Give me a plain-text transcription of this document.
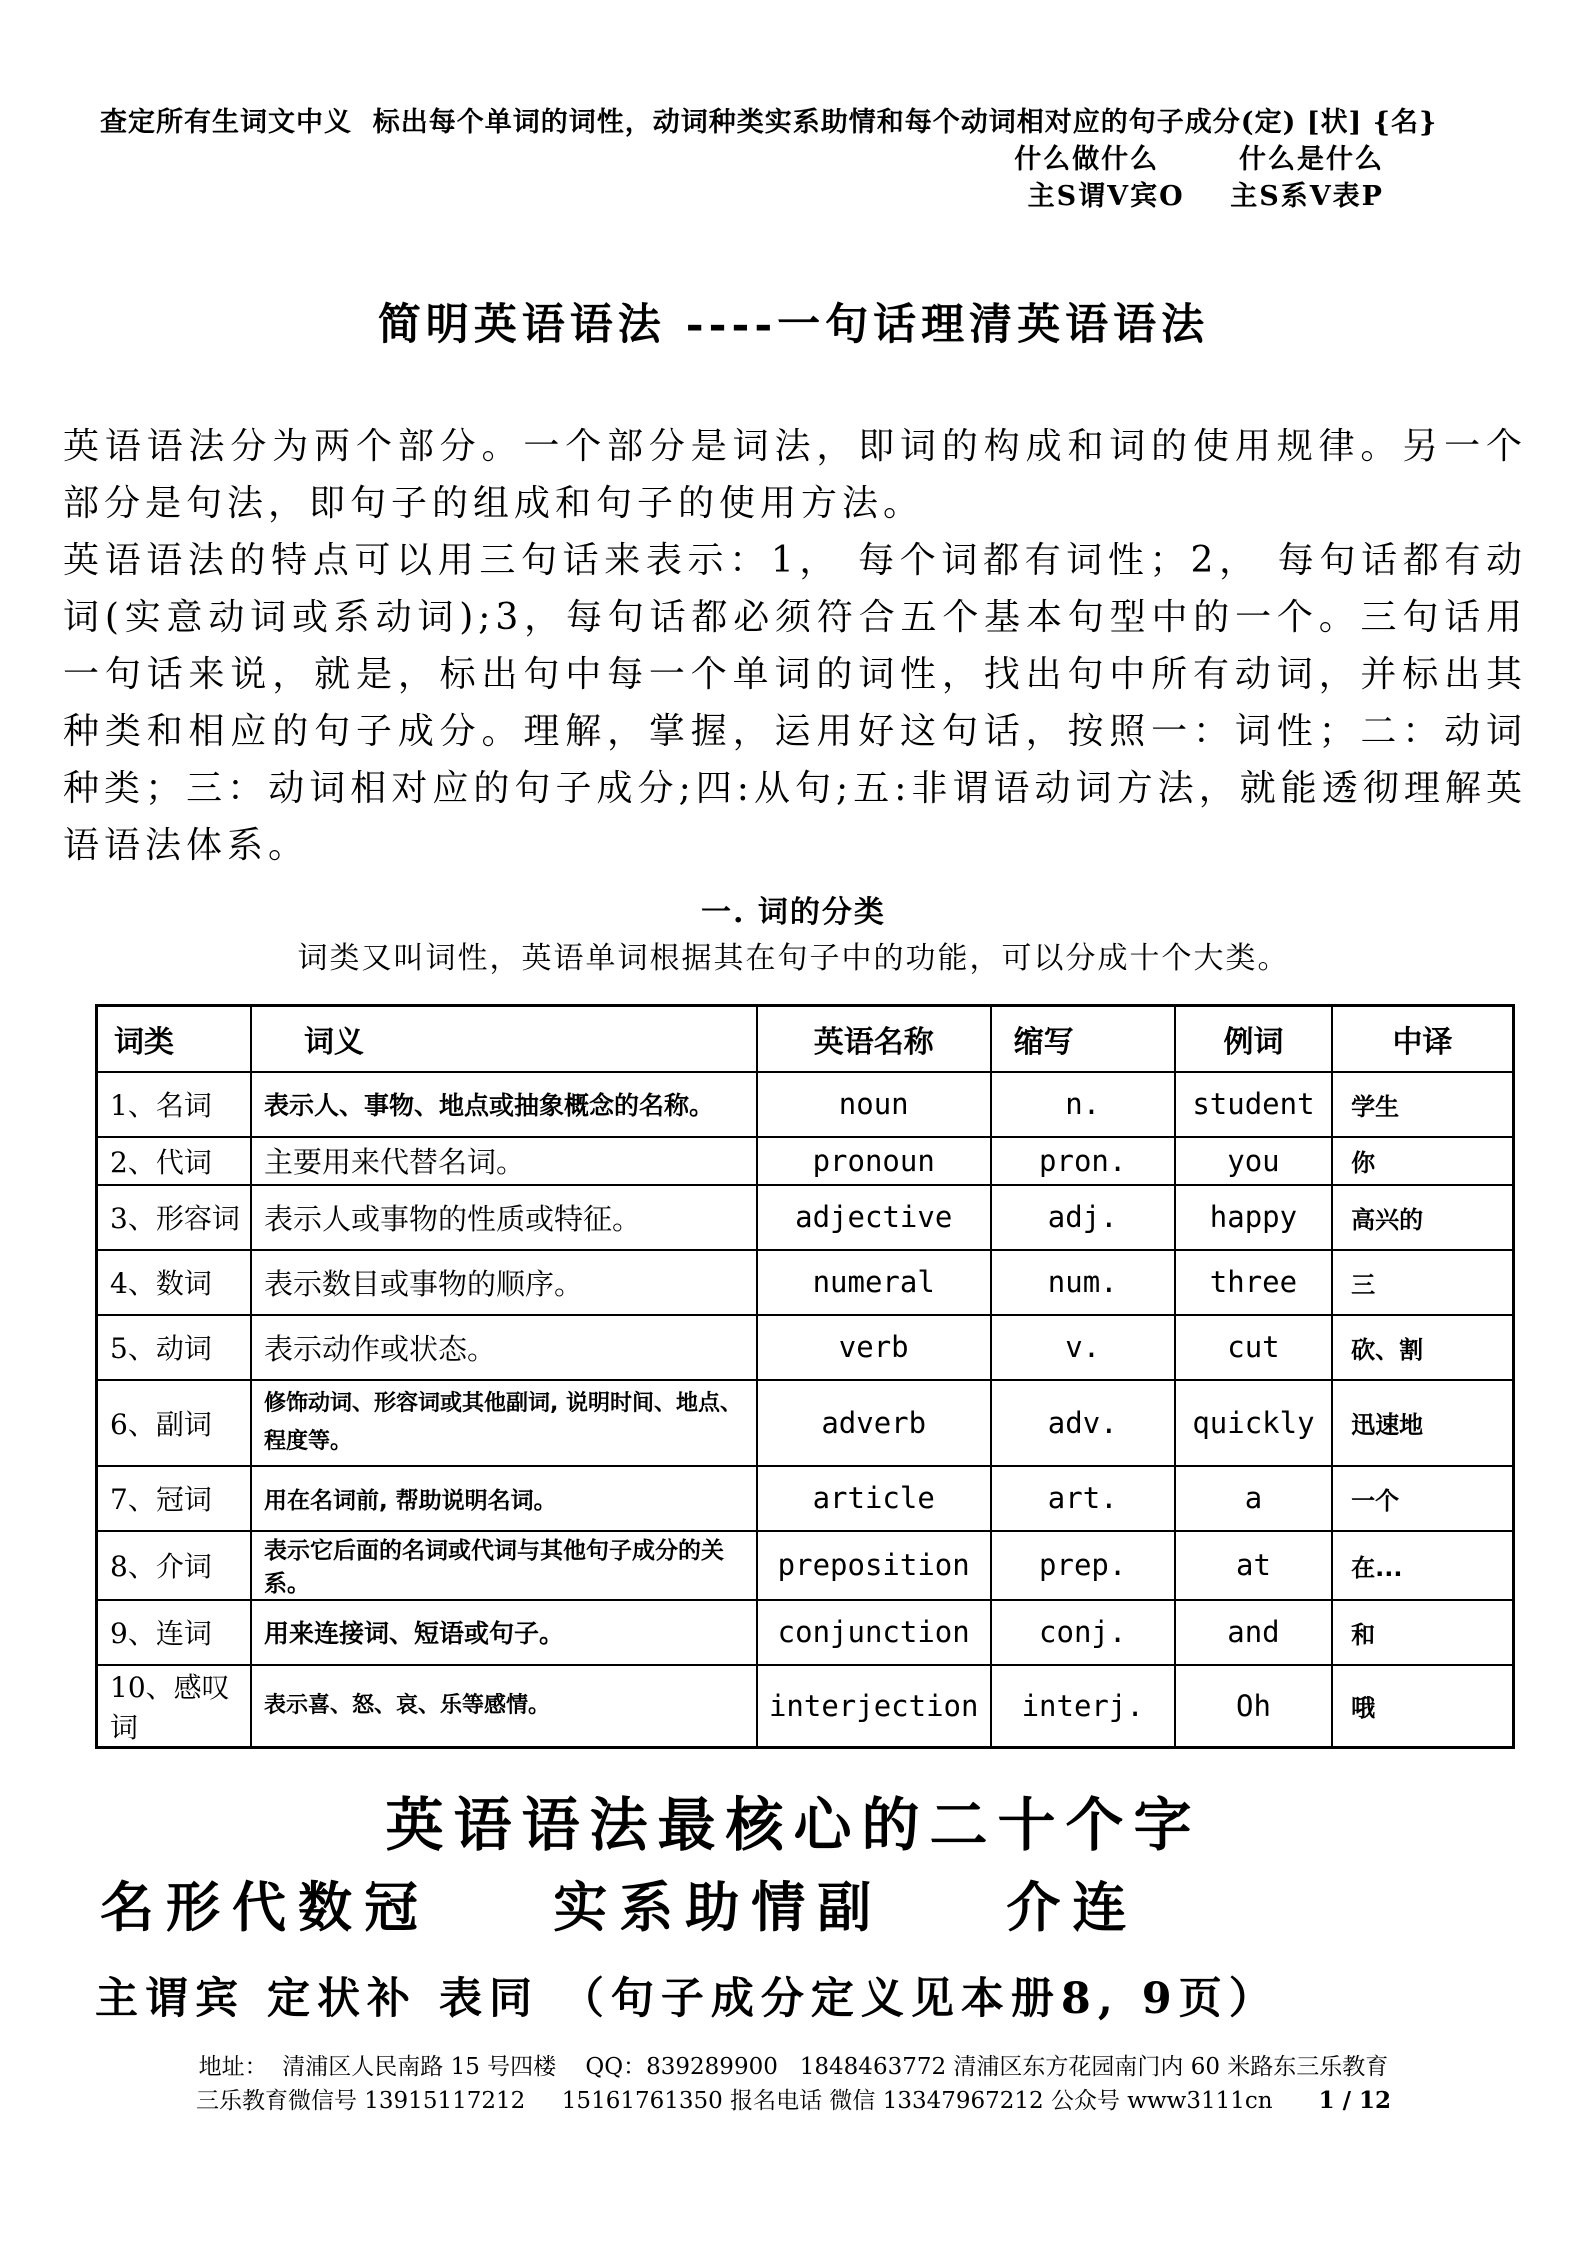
查定所有生词文中义  标出每个单词的词性，动词种类实系助情和每个动词相对应的句子成分(定) [状] {名}
什么做什么       什么是什么
主S谓V宾O    主S系V表P
简明英语语法 ----一句话理清英语语法

英语语法分为两个部分。一个部分是词法，即词的构成和词的使用规律。另一个部分是句法，即句子的组成和句子的使用方法。

英语语法的特点可以用三句话来表示：1， 每个词都有词性；2， 每句话都有动词(实意动词或系动词);3，每句话都必须符合五个基本句型中的一个。三句话用一句话来说，就是，标出句中每一个单词的词性，找出句中所有动词，并标出其种类和相应的句子成分。理解，掌握，运用好这句话，按照一：词性；二：动词种类；三：动词相对应的句子成分;四:从句;五:非谓语动词方法，就能透彻理解英语语法体系。

一. 词的分类
词类又叫词性，英语单词根据其在句子中的功能，可以分成十个大类。
词类	词义	英语名称	缩写	例词	中译
1、名词	表示人、事物、地点或抽象概念的名称。	noun	n.	student	学生
2、代词	主要用来代替名词。	pronoun	pron.	you	你
3、形容词	表示人或事物的性质或特征。	adjective	adj.	happy	高兴的
4、数词	表示数目或事物的顺序。	numeral	num.	three	三
5、动词	表示动作或状态。	verb	v.	cut	砍、割
6、副词	修饰动词、形容词或其他副词, 说明时间、地点、程度等。	adverb	adv.	quickly	迅速地
7、冠词	用在名词前, 帮助说明名词。	article	art.	a	一个
8、介词	表示它后面的名词或代词与其他句子成分的关系。	preposition	prep.	at	在...
9、连词	用来连接词、短语或句子。	conjunction	conj.	and	和
10、感叹词	表示喜、怒、哀、乐等感情。	interjection	interj.	Oh	哦
英语语法最核心的二十个字
名形代数冠    实系助情副    介连
主谓宾 定状补 表同 （句子成分定义见本册8, 9页）
地址：  清浦区人民南路 15 号四楼    QQ：839289900   1848463772 清浦区东方花园南门内 60 米路东三乐教育
三乐教育微信号 13915117212     15161761350 报名电话 微信 13347967212 公众号 www3111cn 1 / 12
